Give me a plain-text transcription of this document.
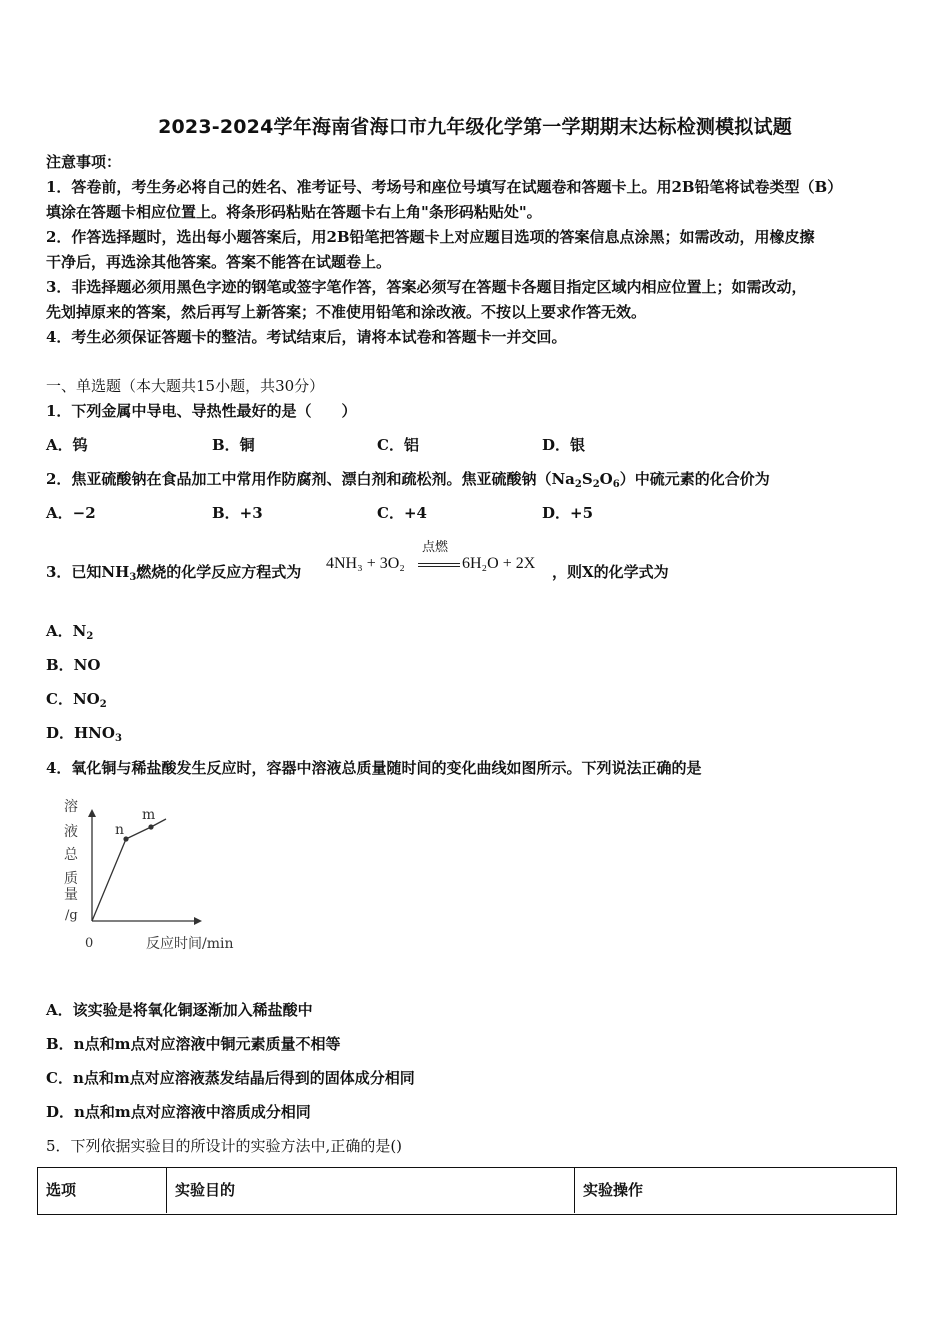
2023-2024学年海南省海口市九年级化学第一学期期末达标检测模拟试题
注意事项：
1．答卷前，考生务必将自己的姓名、准考证号、考场号和座位号填写在试题卷和答题卡上。用2B铅笔将试卷类型（B）
填涂在答题卡相应位置上。将条形码粘贴在答题卡右上角"条形码粘贴处"。
2．作答选择题时，选出每小题答案后，用2B铅笔把答题卡上对应题目选项的答案信息点涂黑；如需改动，用橡皮擦
干净后，再选涂其他答案。答案不能答在试题卷上。
3．非选择题必须用黑色字迹的钢笔或签字笔作答，答案必须写在答题卡各题目指定区域内相应位置上；如需改动，
先划掉原来的答案，然后再写上新答案；不准使用铅笔和涂改液。不按以上要求作答无效。
4．考生必须保证答题卡的整洁。考试结束后，请将本试卷和答题卡一并交回。
一、单选题（本大题共15小题，共30分）
1．下列金属中导电、导热性最好的是（　　）
A．钨	B．铜	C．铝	D．银
2．焦亚硫酸钠在食品加工中常用作防腐剂、漂白剂和疏松剂。焦亚硫酸钠$(Na_2S_2O_6)$中硫元素的化合价为
A．−2	B．+3	C．+4	D．+5
3．已知$NH_3$燃烧的化学反应方程式为 4NH₃ + 3O₂
点燃
6H₂O + 2X ，则X的化学式为
A．$N_2$
B．NO
C．$NO_2$
D．$HNO_3$
4．氧化铜与稀盐酸发生反应时，容器中溶液总质量随时间的变化曲线如图所示。下列说法正确的是
溶
液
总
质
量
/g
0	反应时间/min
n
m
A．该实验是将氧化铜逐渐加入稀盐酸中
B．n点和m点对应溶液中铜元素质量不相等
C．n点和m点对应溶液蒸发结晶后得到的固体成分相同
D．n点和m点对应溶液中溶质成分相同
5．下列依据实验目的所设计的实验方法中,正确的是()
选项	实验目的	实验操作
